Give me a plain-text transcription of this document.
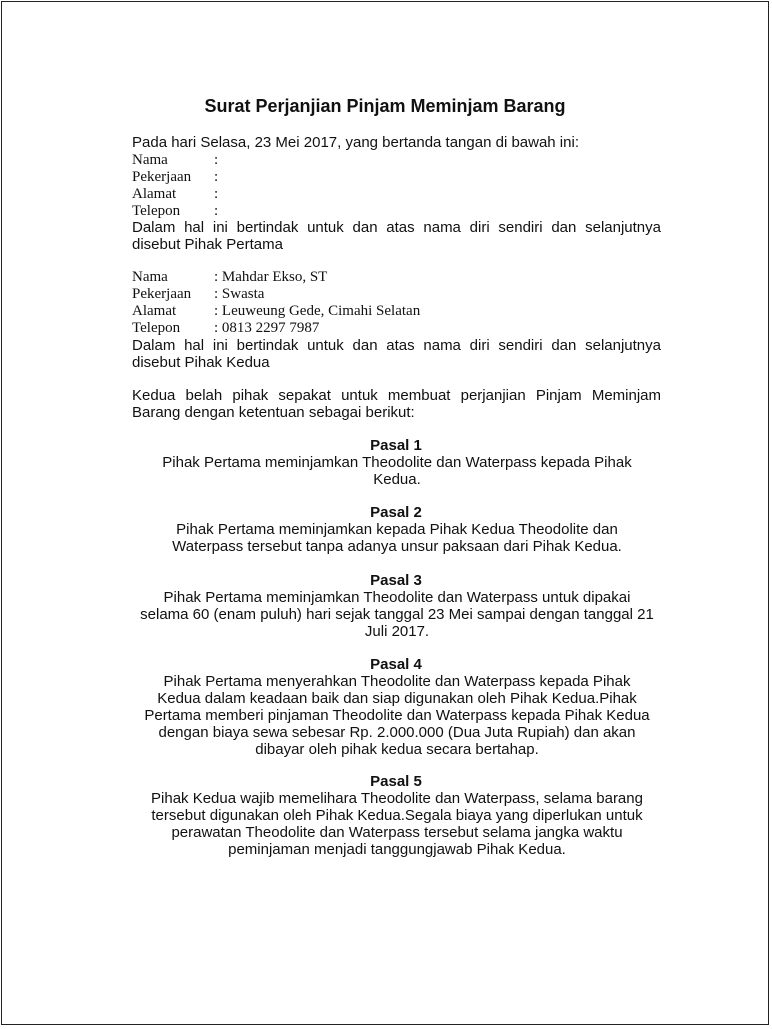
Surat Perjanjian Pinjam Meminjam Barang
Pada hari Selasa, 23 Mei 2017, yang bertanda tangan di bawah ini:
Nama	:
Pekerjaan :
Alamat	:
Telepon :
Dalam hal ini bertindak untuk dan atas nama diri sendiri dan selanjutnya disebut Pihak Pertama
Nama	: Mahdar Ekso, ST
Pekerjaan : Swasta
Alamat	: Leuweung Gede, Cimahi Selatan
Telepon : 0813 2297 7987
Dalam hal ini bertindak untuk dan atas nama diri sendiri dan selanjutnya disebut Pihak Kedua
Kedua belah pihak sepakat untuk membuat perjanjian Pinjam Meminjam Barang dengan ketentuan sebagai berikut:
Pasal 1
Pihak Pertama meminjamkan Theodolite dan Waterpass kepada Pihak
Kedua.
Pasal 2
Pihak Pertama meminjamkan kepada Pihak Kedua Theodolite dan
Waterpass tersebut tanpa adanya unsur paksaan dari Pihak Kedua.
Pasal 3
Pihak Pertama meminjamkan Theodolite dan Waterpass untuk dipakai
selama 60 (enam puluh) hari sejak tanggal 23 Mei sampai dengan tanggal 21
Juli 2017.
Pasal 4
Pihak Pertama menyerahkan Theodolite dan Waterpass kepada Pihak
Kedua dalam keadaan baik dan siap digunakan oleh Pihak Kedua.Pihak
Pertama memberi pinjaman Theodolite dan Waterpass kepada Pihak Kedua
dengan biaya sewa sebesar Rp. 2.000.000 (Dua Juta Rupiah) dan akan
dibayar oleh pihak kedua secara bertahap.
Pasal 5
Pihak Kedua wajib memelihara Theodolite dan Waterpass, selama barang
tersebut digunakan oleh Pihak Kedua.Segala biaya yang diperlukan untuk
perawatan Theodolite dan Waterpass tersebut selama jangka waktu
peminjaman menjadi tanggungjawab Pihak Kedua.
